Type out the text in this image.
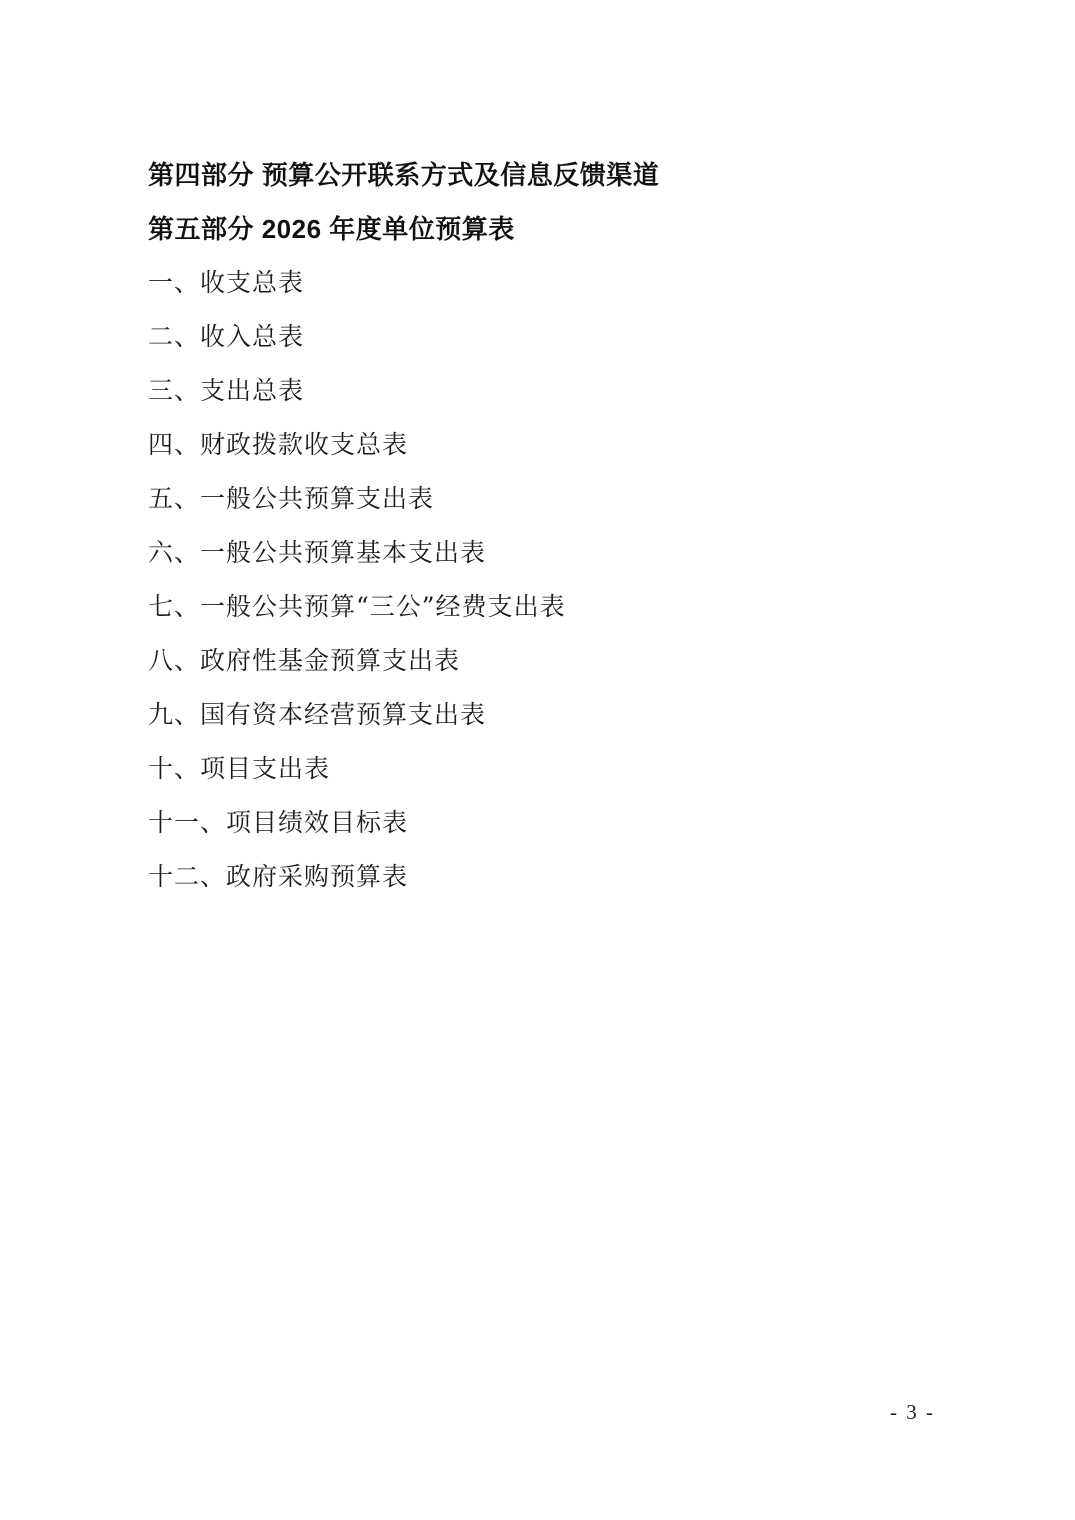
第四部分 预算公开联系方式及信息反馈渠道
第五部分 2026 年度单位预算表
一、收支总表
二、收入总表
三、支出总表
四、财政拨款收支总表
五、一般公共预算支出表
六、一般公共预算基本支出表
七、一般公共预算“三公”经费支出表
八、政府性基金预算支出表
九、国有资本经营预算支出表
十、项目支出表
十一、项目绩效目标表
十二、政府采购预算表
- 3 -
